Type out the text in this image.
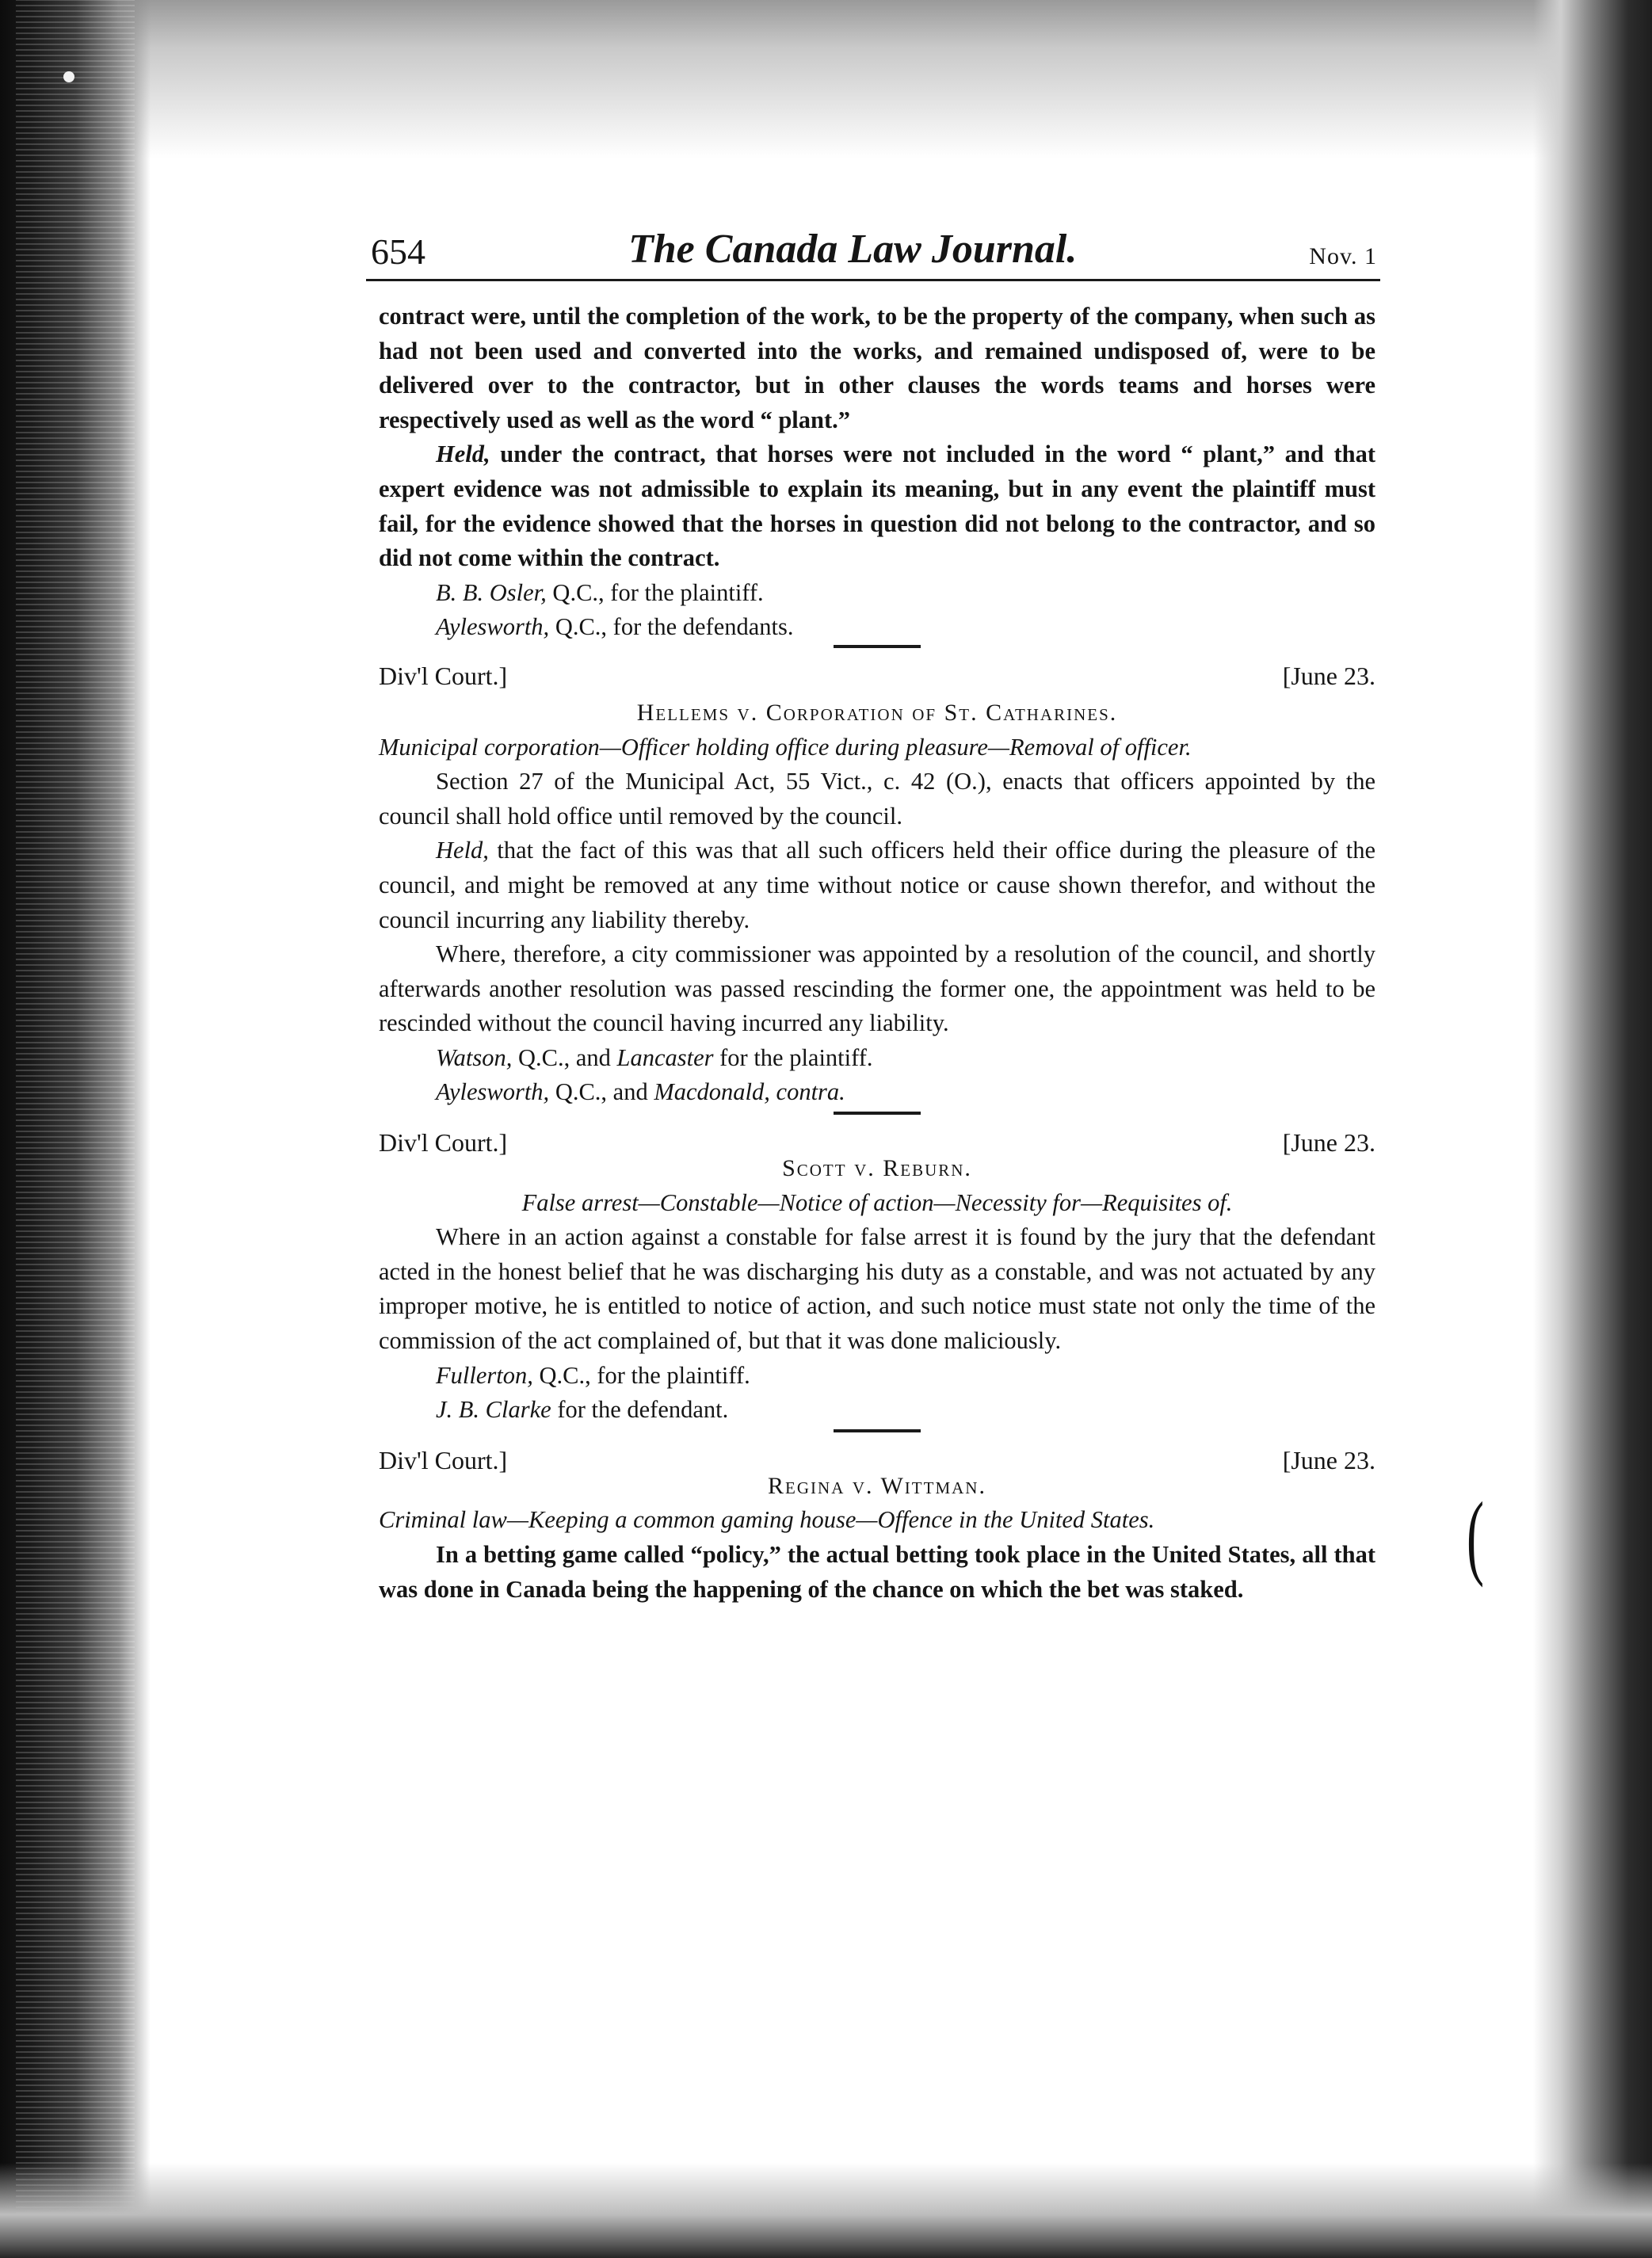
(
654	The Canada Law Journal.	Nov. 1

contract were, until the completion of the work, to be the property of the company, when such as had not been used and converted into the works, and remained undisposed of, were to be delivered over to the contractor, but in other clauses the words teams and horses were respectively used as well as the word “ plant.”

Held, under the contract, that horses were not included in the word “ plant,” and that expert evidence was not admissible to explain its meaning, but in any event the plaintiff must fail, for the evidence showed that the horses in question did not belong to the contractor, and so did not come within the contract.

B. B. Osler, Q.C., for the plaintiff.

Aylesworth, Q.C., for the defendants.

Div'l Court.]	[June 23.

Hellems v. Corporation of St. Catharines.

Municipal corporation—Officer holding office during pleasure—Removal of officer.

Section 27 of the Municipal Act, 55 Vict., c. 42 (O.), enacts that officers appointed by the council shall hold office until removed by the council.

Held, that the fact of this was that all such officers held their office during the pleasure of the council, and might be removed at any time without notice or cause shown therefor, and without the council incurring any liability thereby.

Where, therefore, a city commissioner was appointed by a resolution of the council, and shortly afterwards another resolution was passed rescinding the former one, the appointment was held to be rescinded without the council having incurred any liability.

Watson, Q.C., and Lancaster for the plaintiff.

Aylesworth, Q.C., and Macdonald, contra.

Div'l Court.]	[June 23.

Scott v. Reburn.

False arrest—Constable—Notice of action—Necessity for—Requisites of.

Where in an action against a constable for false arrest it is found by the jury that the defendant acted in the honest belief that he was discharging his duty as a constable, and was not actuated by any improper motive, he is entitled to notice of action, and such notice must state not only the time of the commission of the act complained of, but that it was done maliciously.

Fullerton, Q.C., for the plaintiff.

J. B. Clarke for the defendant.

Div'l Court.]	[June 23.

Regina v. Wittman.

Criminal law—Keeping a common gaming house—Offence in the United States.

In a betting game called “policy,” the actual betting took place in the United States, all that was done in Canada being the happening of the chance on which the bet was staked.
